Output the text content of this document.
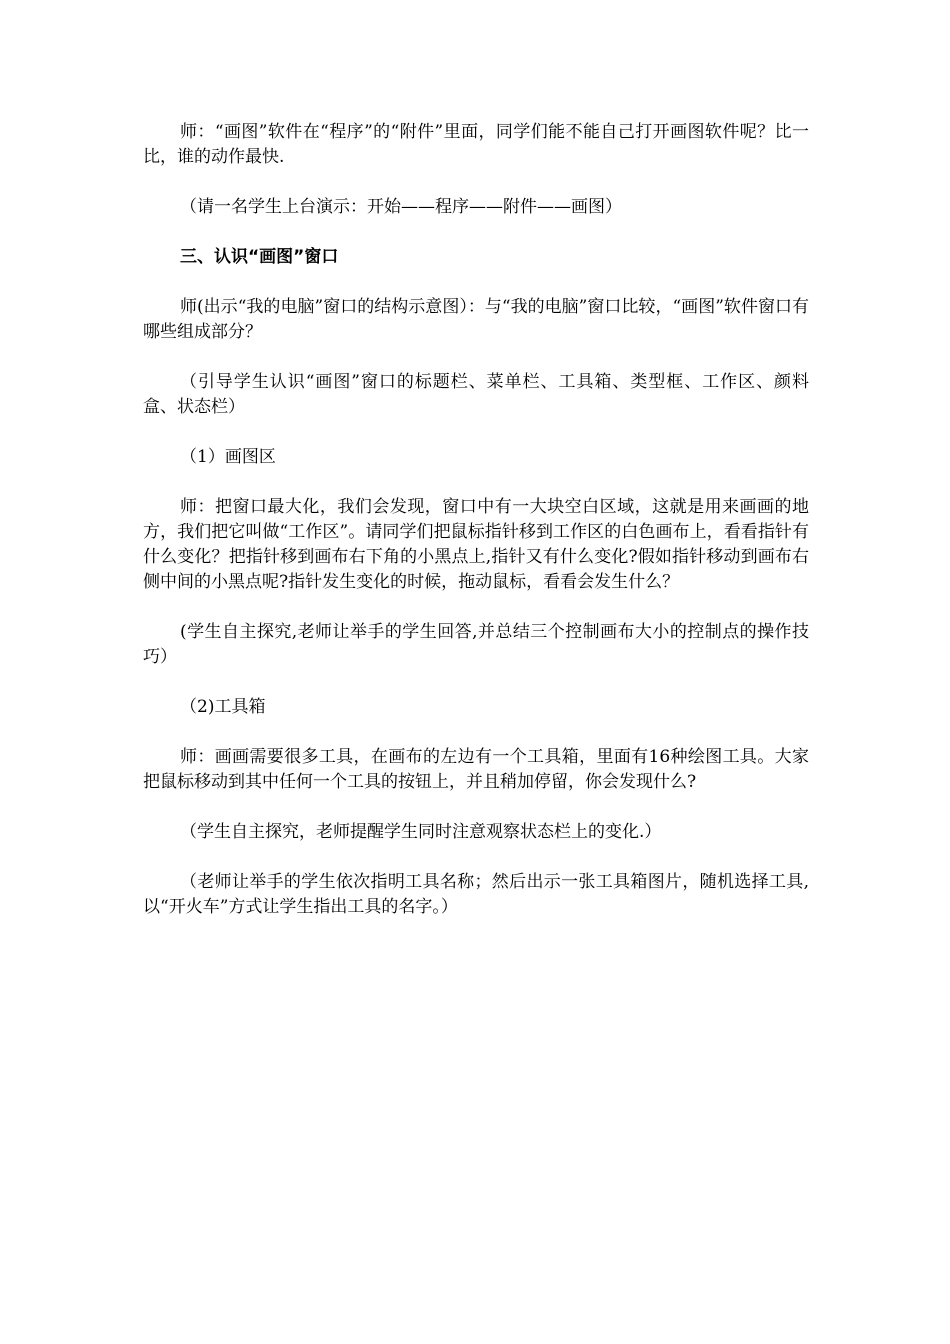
师：“画图”软件在“程序”的“附件”里面，同学们能不能自己打开画图软件呢？比一比，谁的动作最快.

（请一名学生上台演示：开始——程序——附件——画图）

三、认识“画图”窗口

师(出示“我的电脑”窗口的结构示意图）：与“我的电脑”窗口比较，“画图”软件窗口有哪些组成部分？

（引导学生认识“画图”窗口的标题栏、菜单栏、工具箱、类型框、工作区、颜料盒、状态栏）

（1）画图区

师：把窗口最大化，我们会发现，窗口中有一大块空白区域，这就是用来画画的地方，我们把它叫做“工作区”。请同学们把鼠标指针移到工作区的白色画布上，看看指针有什么变化？把指针移到画布右下角的小黑点上,指针又有什么变化?假如指针移动到画布右侧中间的小黑点呢?指针发生变化的时候，拖动鼠标，看看会发生什么？

(学生自主探究,老师让举手的学生回答,并总结三个控制画布大小的控制点的操作技巧）

（2)工具箱

师：画画需要很多工具，在画布的左边有一个工具箱，里面有16种绘图工具。大家把鼠标移动到其中任何一个工具的按钮上，并且稍加停留，你会发现什么?

（学生自主探究，老师提醒学生同时注意观察状态栏上的变化.）

（老师让举手的学生依次指明工具名称；然后出示一张工具箱图片，随机选择工具,以“开火车”方式让学生指出工具的名字。）
